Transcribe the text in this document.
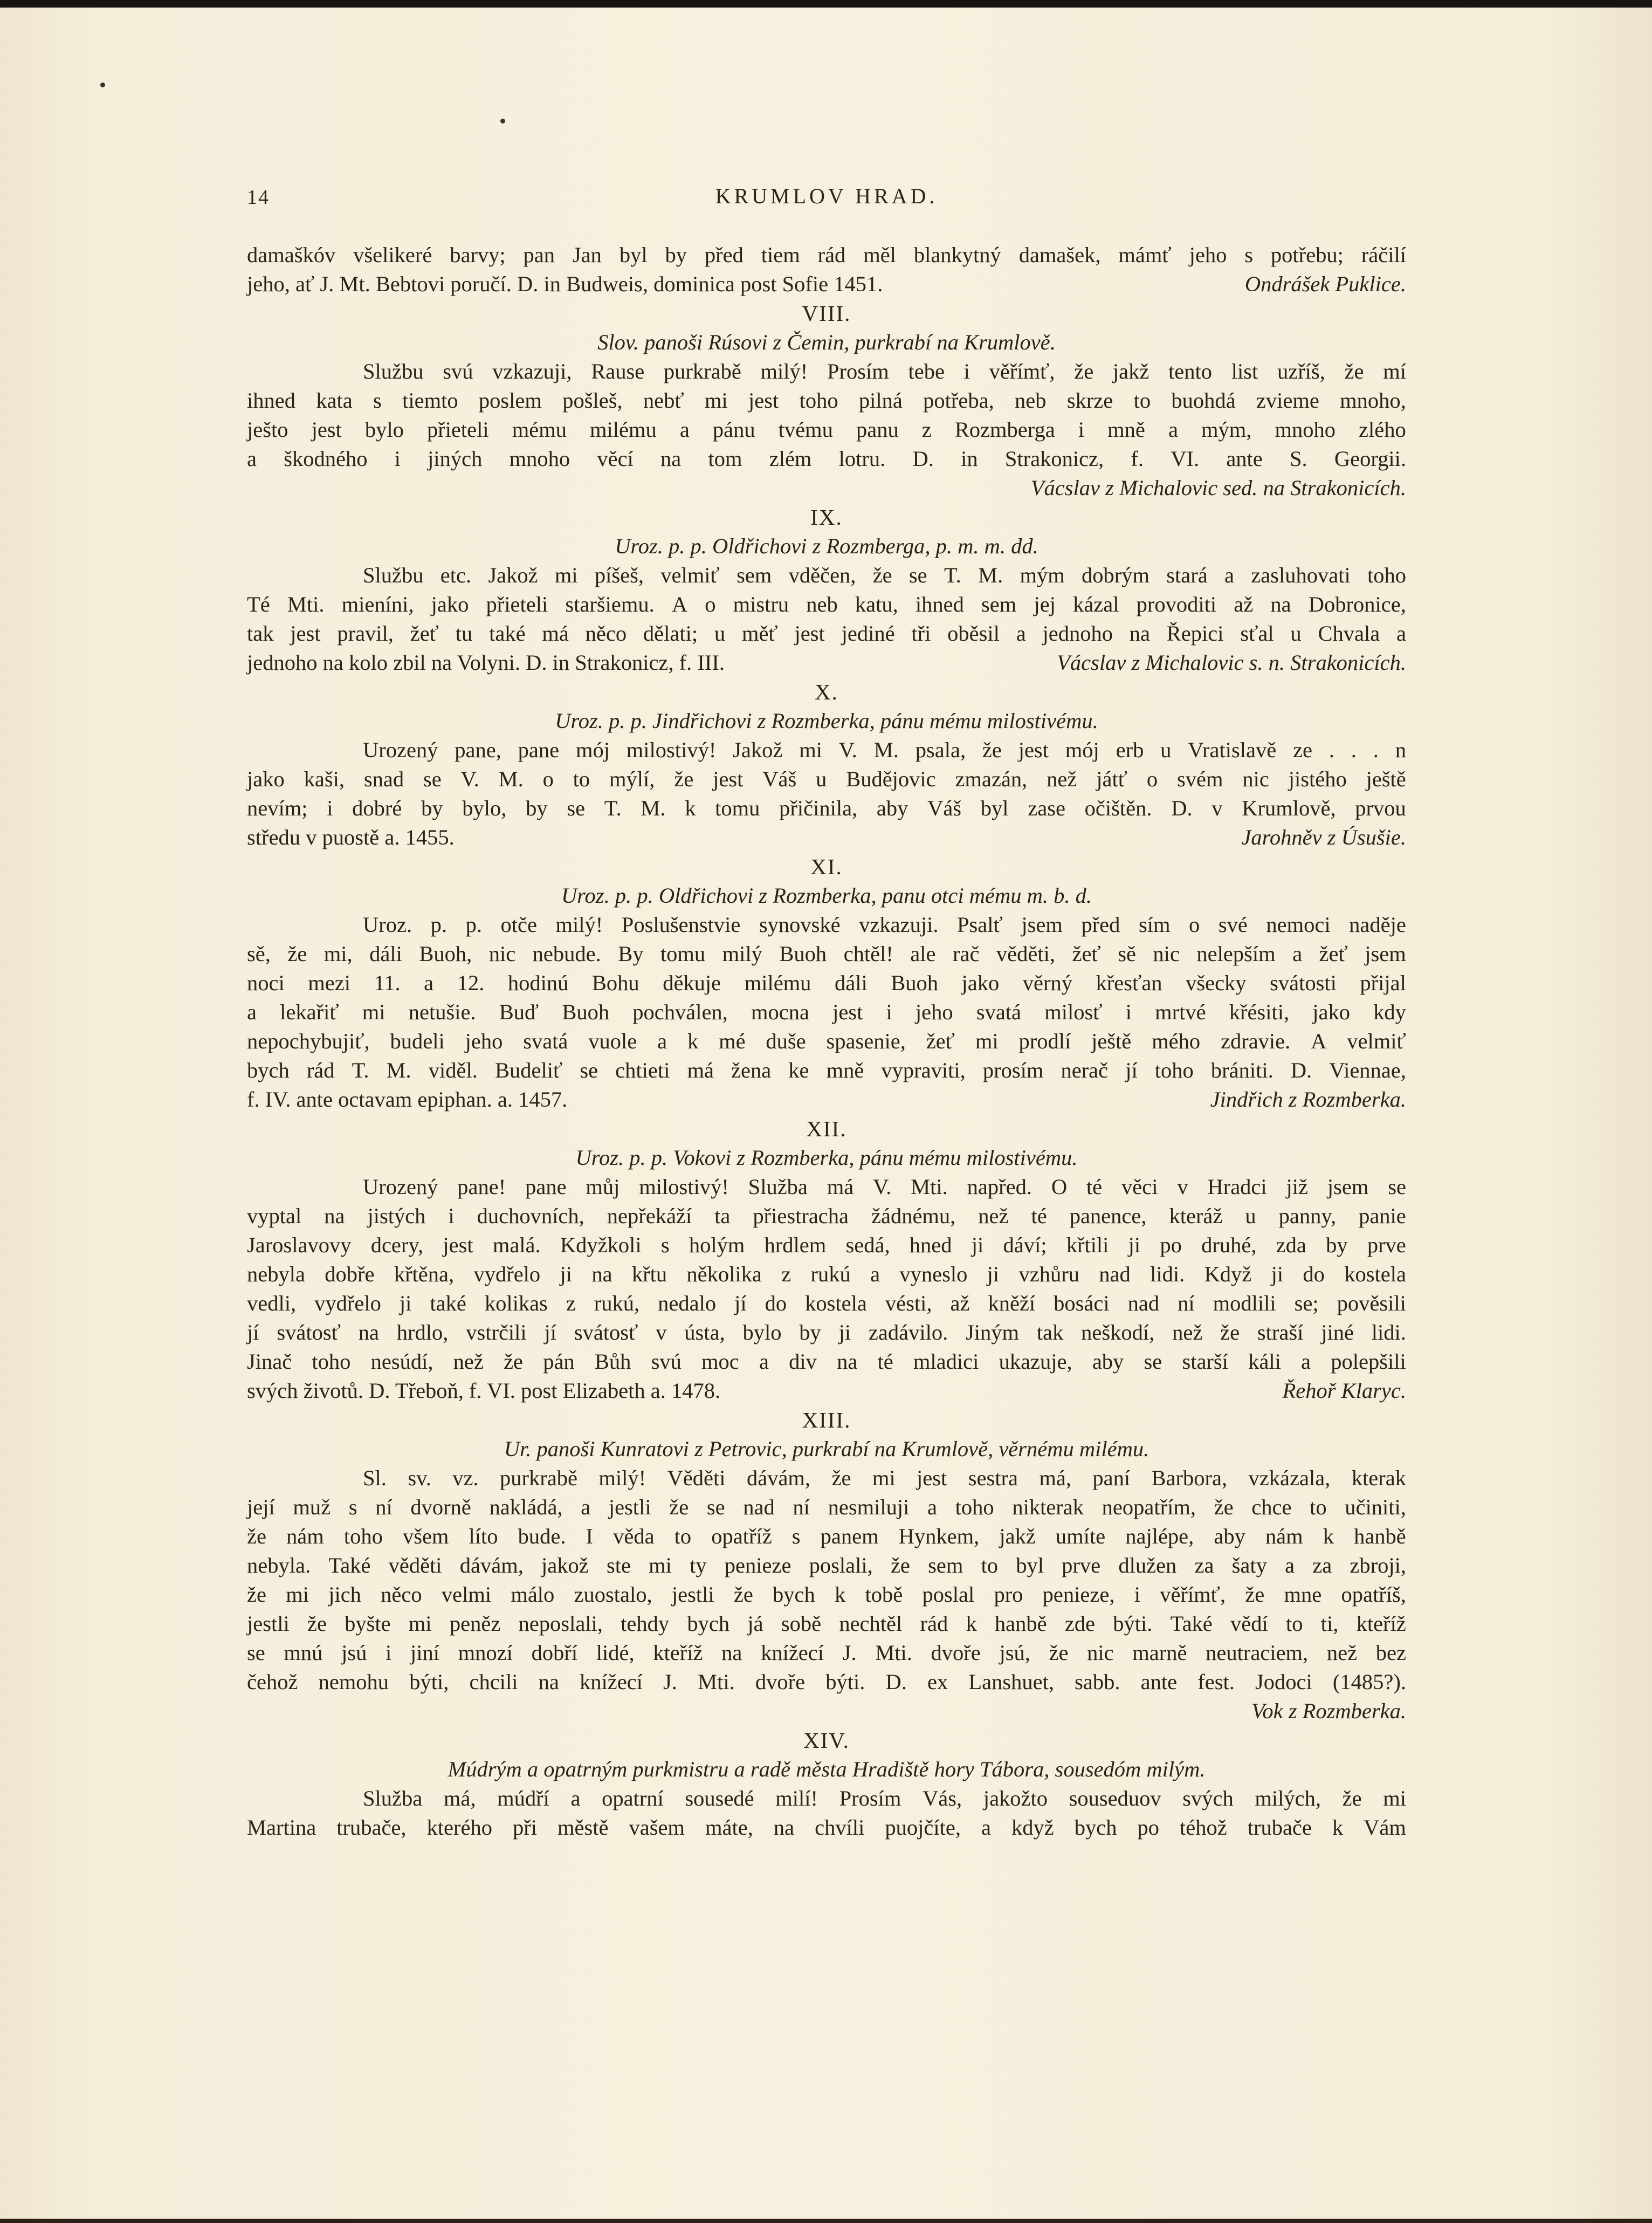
14	KRUMLOV HRAD.
damaškóv všelikeré barvy; pan Jan byl by před tiem rád měl blankytný damašek, mámť jeho s potřebu; ráčilí
jeho, ať J. Mt. Bebtovi poručí. D. in Budweis, dominica post Sofie 1451.	Ondrášek Puklice.
VIII.
Slov. panoši Rúsovi z Čemin, purkrabí na Krumlově.
Službu svú vzkazuji, Rause purkrabě milý! Prosím tebe i věřímť, že jakž tento list uzříš, že mí
ihned kata s tiemto poslem pošleš, nebť mi jest toho pilná potřeba, neb skrze to buohdá zvieme mnoho,
ješto jest bylo přieteli mému milému a pánu tvému panu z Rozmberga i mně a mým, mnoho zlého
a škodného i jiných mnoho věcí na tom zlém lotru. D. in Strakonicz, f. VI. ante S. Georgii.
Vácslav z Michalovic sed. na Strakonicích.
IX.
Uroz. p. p. Oldřichovi z Rozmberga, p. m. m. dd.
Službu etc. Jakož mi píšeš, velmiť sem vděčen, že se T. M. mým dobrým stará a zasluhovati toho
Té Mti. mieníni, jako přieteli staršiemu. A o mistru neb katu, ihned sem jej kázal provoditi až na Dobronice,
tak jest pravil, žeť tu také má něco dělati; u měť jest jediné tři oběsil a jednoho na Řepici sťal u Chvala a
jednoho na kolo zbil na Volyni. D. in Strakonicz, f. III.	Vácslav z Michalovic s. n. Strakonicích.
X.
Uroz. p. p. Jindřichovi z Rozmberka, pánu mému milostivému.
Urozený pane, pane mój milostivý! Jakož mi V. M. psala, že jest mój erb u Vratislavě ze . . . n
jako kaši, snad se V. M. o to mýlí, že jest Váš u Budějovic zmazán, než játť o svém nic jistého ještě
nevím; i dobré by bylo, by se T. M. k tomu přičinila, aby Váš byl zase očištěn. D. v Krumlově, prvou
středu v puostě a. 1455.	Jarohněv z Úsušie.
XI.
Uroz. p. p. Oldřichovi z Rozmberka, panu otci mému m. b. d.
Uroz. p. p. otče milý! Poslušenstvie synovské vzkazuji. Psalť jsem před sím o své nemoci naděje
sě, že mi, dáli Buoh, nic nebude. By tomu milý Buoh chtěl! ale rač věděti, žeť sě nic nelepším a žeť jsem
noci mezi 11. a 12. hodinú Bohu děkuje milému dáli Buoh jako věrný křesťan všecky svátosti přijal
a lekařiť mi netušie. Buď Buoh pochválen, mocna jest i jeho svatá milosť i mrtvé křésiti, jako kdy
nepochybujiť, budeli jeho svatá vuole a k mé duše spasenie, žeť mi prodlí ještě mého zdravie. A velmiť
bych rád T. M. viděl. Budeliť se chtieti má žena ke mně vypraviti, prosím nerač jí toho brániti. D. Viennae,
f. IV. ante octavam epiphan. a. 1457.	Jindřich z Rozmberka.
XII.
Uroz. p. p. Vokovi z Rozmberka, pánu mému milostivému.
Urozený pane! pane můj milostivý! Služba má V. Mti. napřed. O té věci v Hradci již jsem se
vyptal na jistých i duchovních, nepřekáží ta přiestracha žádnému, než té panence, kteráž u panny, panie
Jaroslavovy dcery, jest malá. Kdyžkoli s holým hrdlem sedá, hned ji dáví; křtili ji po druhé, zda by prve
nebyla dobře křtěna, vydřelo ji na křtu několika z rukú a vyneslo ji vzhůru nad lidi. Když ji do kostela
vedli, vydřelo ji také kolikas z rukú, nedalo jí do kostela vésti, až kněží bosáci nad ní modlili se; pověsili
jí svátosť na hrdlo, vstrčili jí svátosť v ústa, bylo by ji zadávilo. Jiným tak neškodí, než že straší jiné lidi.
Jinač toho nesúdí, než že pán Bůh svú moc a div na té mladici ukazuje, aby se starší káli a polepšili
svých životů. D. Třeboň, f. VI. post Elizabeth a. 1478.	Řehoř Klaryc.
XIII.
Ur. panoši Kunratovi z Petrovic, purkrabí na Krumlově, věrnému milému.
Sl. sv. vz. purkrabě milý! Věděti dávám, že mi jest sestra má, paní Barbora, vzkázala, kterak
její muž s ní dvorně nakládá, a jestli že se nad ní nesmiluji a toho nikterak neopatřím, že chce to učiniti,
že nám toho všem líto bude. I věda to opatříž s panem Hynkem, jakž umíte najlépe, aby nám k hanbě
nebyla. Také věděti dávám, jakož ste mi ty penieze poslali, že sem to byl prve dlužen za šaty a za zbroji,
že mi jich něco velmi málo zuostalo, jestli že bych k tobě poslal pro penieze, i věřímť, že mne opatříš,
jestli že byšte mi peněz neposlali, tehdy bych já sobě nechtěl rád k hanbě zde býti. Také vědí to ti, kteříž
se mnú jsú i jiní mnozí dobří lidé, kteříž na knížecí J. Mti. dvoře jsú, že nic marně neutraciem, než bez
čehož nemohu býti, chcili na knížecí J. Mti. dvoře býti. D. ex Lanshuet, sabb. ante fest. Jodoci (1485?).
Vok z Rozmberka.
XIV.
Múdrým a opatrným purkmistru a radě města Hradiště hory Tábora, sousedóm milým.
Služba má, múdří a opatrní sousedé milí! Prosím Vás, jakožto souseduov svých milých, že mi
Martina trubače, kterého při městě vašem máte, na chvíli puojčíte, a když bych po téhož trubače k Vám
